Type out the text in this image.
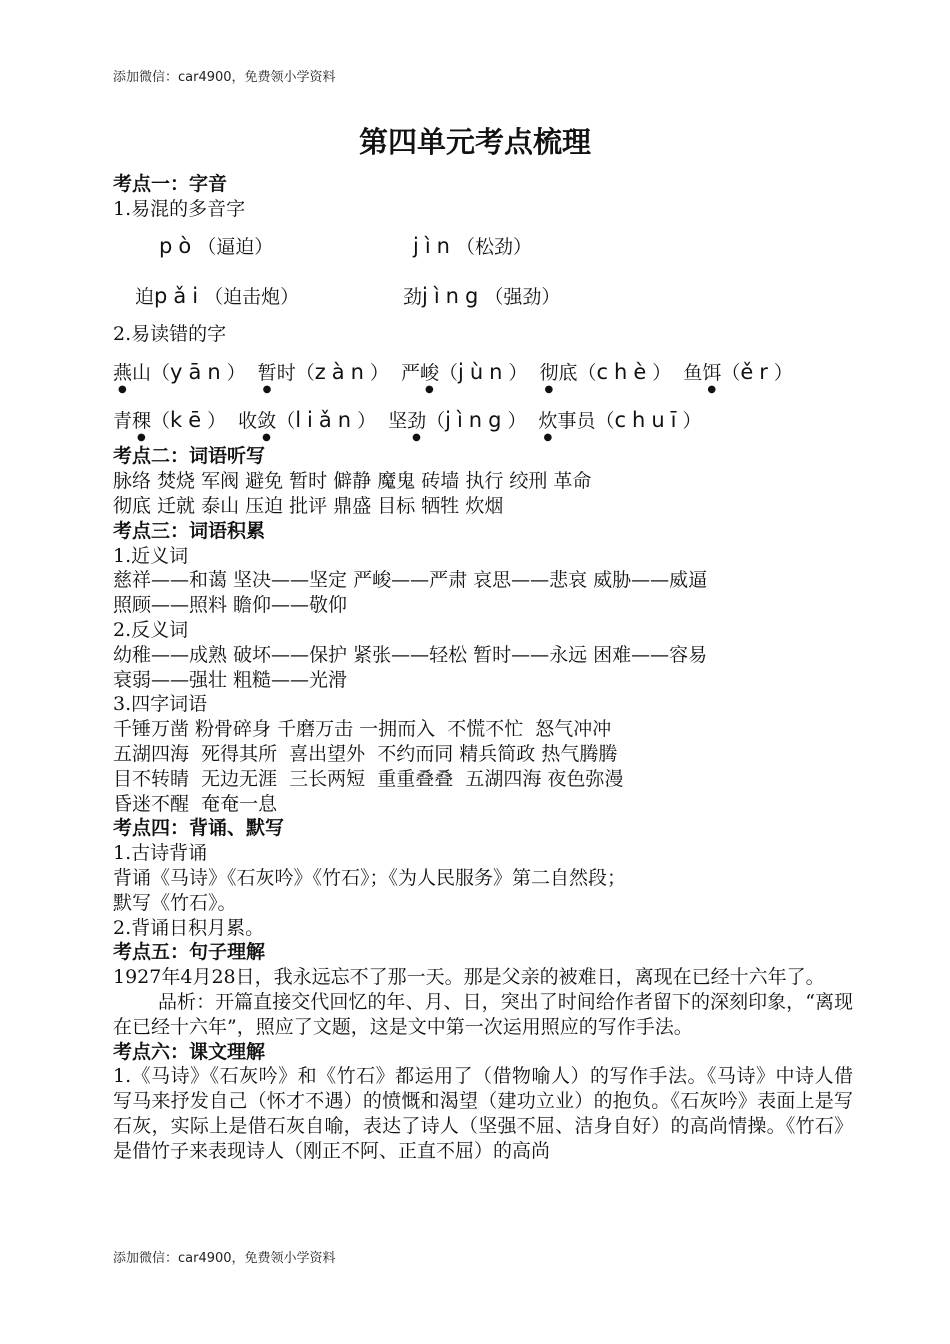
添加微信：car4900，免费领小学资料
第四单元考点梳理
考点一：字音
1.易混的多音字
pò（逼迫）	jìn（松劲）
迫pǎi（迫击炮）	劲jìng（强劲）
2.易读错的字
燕山（yān） 暂时（zàn） 严峻（jùn） 彻底（chè） 鱼饵（ěr）
青稞（kē） 收敛（liǎn） 坚劲（jìng） 炊事员（chuī）
考点二：词语听写
脉络 焚烧 军阀 避免 暂时 僻静 魔鬼 砖墙 执行 绞刑 革命
彻底 迁就 泰山 压迫 批评 鼎盛 目标 牺牲 炊烟
考点三：词语积累
1.近义词
慈祥——和蔼 坚决——坚定 严峻——严肃 哀思——悲哀 威胁——威逼
照顾——照料 瞻仰——敬仰
2.反义词
幼稚——成熟 破坏——保护 紧张——轻松 暂时——永远 困难——容易
衰弱——强壮 粗糙——光滑
3.四字词语
千锤万凿 粉骨碎身 千磨万击 一拥而入  不慌不忙  怒气冲冲
五湖四海  死得其所  喜出望外  不约而同 精兵简政 热气腾腾
目不转睛  无边无涯  三长两短  重重叠叠  五湖四海 夜色弥漫
昏迷不醒  奄奄一息
考点四：背诵、默写
1.古诗背诵
背诵《马诗》《石灰吟》《竹石》；《为人民服务》第二自然段；
默写《竹石》。
2.背诵日积月累。
考点五：句子理解
1927年4月28日，我永远忘不了那一天。那是父亲的被难日，离现在已经十六年了。
品析：开篇直接交代回忆的年、月、日，突出了时间给作者留下的深刻印象，“离现在已经十六年”，照应了文题，这是文中第一次运用照应的写作手法。
考点六：课文理解
1.《马诗》《石灰吟》和《竹石》都运用了（借物喻人）的写作手法。《马诗》中诗人借写马来抒发自己（怀才不遇）的愤慨和渴望（建功立业）的抱负。《石灰吟》表面上是写石灰，实际上是借石灰自喻，表达了诗人（坚强不屈、洁身自好）的高尚情操。《竹石》是借竹子来表现诗人（刚正不阿、正直不屈）的高尚
添加微信：car4900，免费领小学资料
